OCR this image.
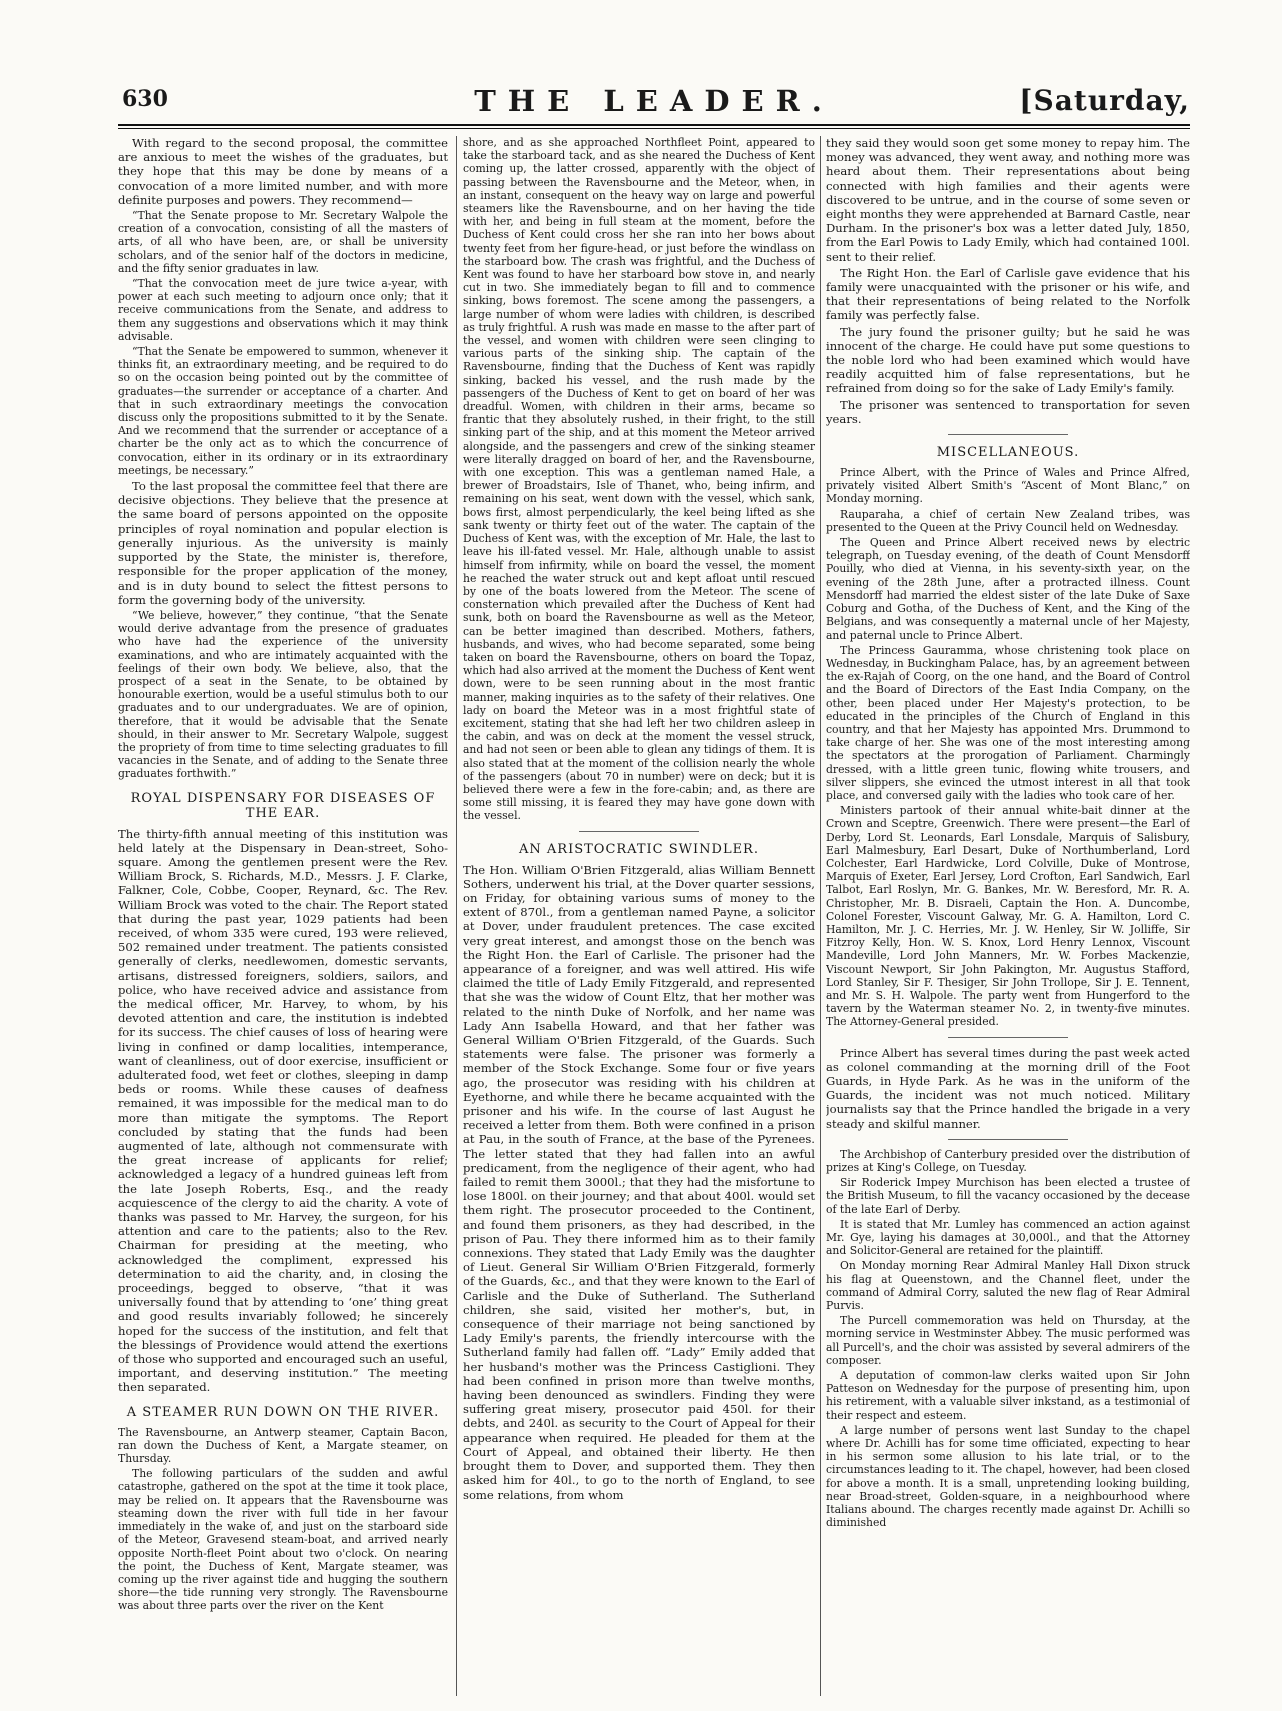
630	THE LEADER.	[Saturday,

With regard to the second proposal, the committee are anxious to meet the wishes of the graduates, but they hope that this may be done by means of a convocation of a more limited number, and with more definite purposes and powers. They recommend—

“That the Senate propose to Mr. Secretary Walpole the creation of a convocation, consisting of all the masters of arts, of all who have been, are, or shall be university scholars, and of the senior half of the doctors in medicine, and the fifty senior graduates in law.

“That the convocation meet de jure twice a-year, with power at each such meeting to adjourn once only; that it receive communications from the Senate, and address to them any suggestions and observations which it may think advisable.

“That the Senate be empowered to summon, whenever it thinks fit, an extraordinary meeting, and be required to do so on the occasion being pointed out by the committee of graduates—the surrender or acceptance of a charter. And that in such extraordinary meetings the convocation discuss only the propositions submitted to it by the Senate. And we recommend that the surrender or acceptance of a charter be the only act as to which the concurrence of convocation, either in its ordinary or in its extraordinary meetings, be necessary.”

To the last proposal the committee feel that there are decisive objections. They believe that the presence at the same board of persons appointed on the opposite principles of royal nomination and popular election is generally injurious. As the university is mainly supported by the State, the minister is, therefore, responsible for the proper application of the money, and is in duty bound to select the fittest persons to form the governing body of the university.

“We believe, however,” they continue, “that the Senate would derive advantage from the presence of graduates who have had the experience of the university examinations, and who are intimately acquainted with the feelings of their own body. We believe, also, that the prospect of a seat in the Senate, to be obtained by honourable exertion, would be a useful stimulus both to our graduates and to our undergraduates. We are of opinion, therefore, that it would be advisable that the Senate should, in their answer to Mr. Secretary Walpole, suggest the propriety of from time to time selecting graduates to fill vacancies in the Senate, and of adding to the Senate three graduates forthwith.”

ROYAL DISPENSARY FOR DISEASES OF THE EAR.

The thirty-fifth annual meeting of this institution was held lately at the Dispensary in Dean-street, Soho-square. Among the gentlemen present were the Rev. William Brock, S. Richards, M.D., Messrs. J. F. Clarke, Falkner, Cole, Cobbe, Cooper, Reynard, &c. The Rev. William Brock was voted to the chair. The Report stated that during the past year, 1029 patients had been received, of whom 335 were cured, 193 were relieved, 502 remained under treatment. The patients consisted generally of clerks, needlewomen, domestic servants, artisans, distressed foreigners, soldiers, sailors, and police, who have received advice and assistance from the medical officer, Mr. Harvey, to whom, by his devoted attention and care, the institution is indebted for its success. The chief causes of loss of hearing were living in confined or damp localities, intemperance, want of cleanliness, out of door exercise, insufficient or adulterated food, wet feet or clothes, sleeping in damp beds or rooms. While these causes of deafness remained, it was impossible for the medical man to do more than mitigate the symptoms. The Report concluded by stating that the funds had been augmented of late, although not commensurate with the great increase of applicants for relief; acknowledged a legacy of a hundred guineas left from the late Joseph Roberts, Esq., and the ready acquiescence of the clergy to aid the charity. A vote of thanks was passed to Mr. Harvey, the surgeon, for his attention and care to the patients; also to the Rev. Chairman for presiding at the meeting, who acknowledged the compliment, expressed his determination to aid the charity, and, in closing the proceedings, begged to observe, “that it was universally found that by attending to ‘one’ thing great and good results invariably followed; he sincerely hoped for the success of the institution, and felt that the blessings of Providence would attend the exertions of those who supported and encouraged such an useful, important, and deserving institution.” The meeting then separated.

A STEAMER RUN DOWN ON THE RIVER.

The Ravensbourne, an Antwerp steamer, Captain Bacon, ran down the Duchess of Kent, a Margate steamer, on Thursday.

The following particulars of the sudden and awful catastrophe, gathered on the spot at the time it took place, may be relied on. It appears that the Ravensbourne was steaming down the river with full tide in her favour immediately in the wake of, and just on the starboard side of the Meteor, Gravesend steam-boat, and arrived nearly opposite North-fleet Point about two o'clock. On nearing the point, the Duchess of Kent, Margate steamer, was coming up the river against tide and hugging the southern shore—the tide running very strongly. The Ravensbourne was about three parts over the river on the Kent

shore, and as she approached Northfleet Point, appeared to take the starboard tack, and as she neared the Duchess of Kent coming up, the latter crossed, apparently with the object of passing between the Ravensbourne and the Meteor, when, in an instant, consequent on the heavy way on large and powerful steamers like the Ravensbourne, and on her having the tide with her, and being in full steam at the moment, before the Duchess of Kent could cross her she ran into her bows about twenty feet from her figure-head, or just before the windlass on the starboard bow. The crash was frightful, and the Duchess of Kent was found to have her starboard bow stove in, and nearly cut in two. She immediately began to fill and to commence sinking, bows foremost. The scene among the passengers, a large number of whom were ladies with children, is described as truly frightful. A rush was made en masse to the after part of the vessel, and women with children were seen clinging to various parts of the sinking ship. The captain of the Ravensbourne, finding that the Duchess of Kent was rapidly sinking, backed his vessel, and the rush made by the passengers of the Duchess of Kent to get on board of her was dreadful. Women, with children in their arms, became so frantic that they absolutely rushed, in their fright, to the still sinking part of the ship, and at this moment the Meteor arrived alongside, and the passengers and crew of the sinking steamer were literally dragged on board of her, and the Ravensbourne, with one exception. This was a gentleman named Hale, a brewer of Broadstairs, Isle of Thanet, who, being infirm, and remaining on his seat, went down with the vessel, which sank, bows first, almost perpendicularly, the keel being lifted as she sank twenty or thirty feet out of the water. The captain of the Duchess of Kent was, with the exception of Mr. Hale, the last to leave his ill-fated vessel. Mr. Hale, although unable to assist himself from infirmity, while on board the vessel, the moment he reached the water struck out and kept afloat until rescued by one of the boats lowered from the Meteor. The scene of consternation which prevailed after the Duchess of Kent had sunk, both on board the Ravensbourne as well as the Meteor, can be better imagined than described. Mothers, fathers, husbands, and wives, who had become separated, some being taken on board the Ravensbourne, others on board the Topaz, which had also arrived at the moment the Duchess of Kent went down, were to be seen running about in the most frantic manner, making inquiries as to the safety of their relatives. One lady on board the Meteor was in a most frightful state of excitement, stating that she had left her two children asleep in the cabin, and was on deck at the moment the vessel struck, and had not seen or been able to glean any tidings of them. It is also stated that at the moment of the collision nearly the whole of the passengers (about 70 in number) were on deck; but it is believed there were a few in the fore-cabin; and, as there are some still missing, it is feared they may have gone down with the vessel.

AN ARISTOCRATIC SWINDLER.

The Hon. William O'Brien Fitzgerald, alias William Bennett Sothers, underwent his trial, at the Dover quarter sessions, on Friday, for obtaining various sums of money to the extent of 870l., from a gentleman named Payne, a solicitor at Dover, under fraudulent pretences. The case excited very great interest, and amongst those on the bench was the Right Hon. the Earl of Carlisle. The prisoner had the appearance of a foreigner, and was well attired. His wife claimed the title of Lady Emily Fitzgerald, and represented that she was the widow of Count Eltz, that her mother was related to the ninth Duke of Norfolk, and her name was Lady Ann Isabella Howard, and that her father was General William O'Brien Fitzgerald, of the Guards. Such statements were false. The prisoner was formerly a member of the Stock Exchange. Some four or five years ago, the prosecutor was residing with his children at Eyethorne, and while there he became acquainted with the prisoner and his wife. In the course of last August he received a letter from them. Both were confined in a prison at Pau, in the south of France, at the base of the Pyrenees. The letter stated that they had fallen into an awful predicament, from the negligence of their agent, who had failed to remit them 3000l.; that they had the misfortune to lose 1800l. on their journey; and that about 400l. would set them right. The prosecutor proceeded to the Continent, and found them prisoners, as they had described, in the prison of Pau. They there informed him as to their family connexions. They stated that Lady Emily was the daughter of Lieut. General Sir William O'Brien Fitzgerald, formerly of the Guards, &c., and that they were known to the Earl of Carlisle and the Duke of Sutherland. The Sutherland children, she said, visited her mother's, but, in consequence of their marriage not being sanctioned by Lady Emily's parents, the friendly intercourse with the Sutherland family had fallen off. “Lady” Emily added that her husband's mother was the Princess Castiglioni. They had been confined in prison more than twelve months, having been denounced as swindlers. Finding they were suffering great misery, prosecutor paid 450l. for their debts, and 240l. as security to the Court of Appeal for their appearance when required. He pleaded for them at the Court of Appeal, and obtained their liberty. He then brought them to Dover, and supported them. They then asked him for 40l., to go to the north of England, to see some relations, from whom

they said they would soon get some money to repay him. The money was advanced, they went away, and nothing more was heard about them. Their representations about being connected with high families and their agents were discovered to be untrue, and in the course of some seven or eight months they were apprehended at Barnard Castle, near Durham. In the prisoner's box was a letter dated July, 1850, from the Earl Powis to Lady Emily, which had contained 100l. sent to their relief.

The Right Hon. the Earl of Carlisle gave evidence that his family were unacquainted with the prisoner or his wife, and that their representations of being related to the Norfolk family was perfectly false.

The jury found the prisoner guilty; but he said he was innocent of the charge. He could have put some questions to the noble lord who had been examined which would have readily acquitted him of false representations, but he refrained from doing so for the sake of Lady Emily's family.

The prisoner was sentenced to transportation for seven years.

MISCELLANEOUS.

Prince Albert, with the Prince of Wales and Prince Alfred, privately visited Albert Smith's “Ascent of Mont Blanc,” on Monday morning.

Rauparaha, a chief of certain New Zealand tribes, was presented to the Queen at the Privy Council held on Wednesday.

The Queen and Prince Albert received news by electric telegraph, on Tuesday evening, of the death of Count Mensdorff Pouilly, who died at Vienna, in his seventy-sixth year, on the evening of the 28th June, after a protracted illness. Count Mensdorff had married the eldest sister of the late Duke of Saxe Coburg and Gotha, of the Duchess of Kent, and the King of the Belgians, and was consequently a maternal uncle of her Majesty, and paternal uncle to Prince Albert.

The Princess Gauramma, whose christening took place on Wednesday, in Buckingham Palace, has, by an agreement between the ex-Rajah of Coorg, on the one hand, and the Board of Control and the Board of Directors of the East India Company, on the other, been placed under Her Majesty's protection, to be educated in the principles of the Church of England in this country, and that her Majesty has appointed Mrs. Drummond to take charge of her. She was one of the most interesting among the spectators at the prorogation of Parliament. Charmingly dressed, with a little green tunic, flowing white trousers, and silver slippers, she evinced the utmost interest in all that took place, and conversed gaily with the ladies who took care of her.

Ministers partook of their annual white-bait dinner at the Crown and Sceptre, Greenwich. There were present—the Earl of Derby, Lord St. Leonards, Earl Lonsdale, Marquis of Salisbury, Earl Malmesbury, Earl Desart, Duke of Northumberland, Lord Colchester, Earl Hardwicke, Lord Colville, Duke of Montrose, Marquis of Exeter, Earl Jersey, Lord Crofton, Earl Sandwich, Earl Talbot, Earl Roslyn, Mr. G. Bankes, Mr. W. Beresford, Mr. R. A. Christopher, Mr. B. Disraeli, Captain the Hon. A. Duncombe, Colonel Forester, Viscount Galway, Mr. G. A. Hamilton, Lord C. Hamilton, Mr. J. C. Herries, Mr. J. W. Henley, Sir W. Jolliffe, Sir Fitzroy Kelly, Hon. W. S. Knox, Lord Henry Lennox, Viscount Mandeville, Lord John Manners, Mr. W. Forbes Mackenzie, Viscount Newport, Sir John Pakington, Mr. Augustus Stafford, Lord Stanley, Sir F. Thesiger, Sir John Trollope, Sir J. E. Tennent, and Mr. S. H. Walpole. The party went from Hungerford to the tavern by the Waterman steamer No. 2, in twenty-five minutes. The Attorney-General presided.

Prince Albert has several times during the past week acted as colonel commanding at the morning drill of the Foot Guards, in Hyde Park. As he was in the uniform of the Guards, the incident was not much noticed. Military journalists say that the Prince handled the brigade in a very steady and skilful manner.

The Archbishop of Canterbury presided over the distribution of prizes at King's College, on Tuesday.

Sir Roderick Impey Murchison has been elected a trustee of the British Museum, to fill the vacancy occasioned by the decease of the late Earl of Derby.

It is stated that Mr. Lumley has commenced an action against Mr. Gye, laying his damages at 30,000l., and that the Attorney and Solicitor-General are retained for the plaintiff.

On Monday morning Rear Admiral Manley Hall Dixon struck his flag at Queenstown, and the Channel fleet, under the command of Admiral Corry, saluted the new flag of Rear Admiral Purvis.

The Purcell commemoration was held on Thursday, at the morning service in Westminster Abbey. The music performed was all Purcell's, and the choir was assisted by several admirers of the composer.

A deputation of common-law clerks waited upon Sir John Patteson on Wednesday for the purpose of presenting him, upon his retirement, with a valuable silver inkstand, as a testimonial of their respect and esteem.

A large number of persons went last Sunday to the chapel where Dr. Achilli has for some time officiated, expecting to hear in his sermon some allusion to his late trial, or to the circumstances leading to it. The chapel, however, had been closed for above a month. It is a small, unpretending looking building, near Broad-street, Golden-square, in a neighbourhood where Italians abound. The charges recently made against Dr. Achilli so diminished
